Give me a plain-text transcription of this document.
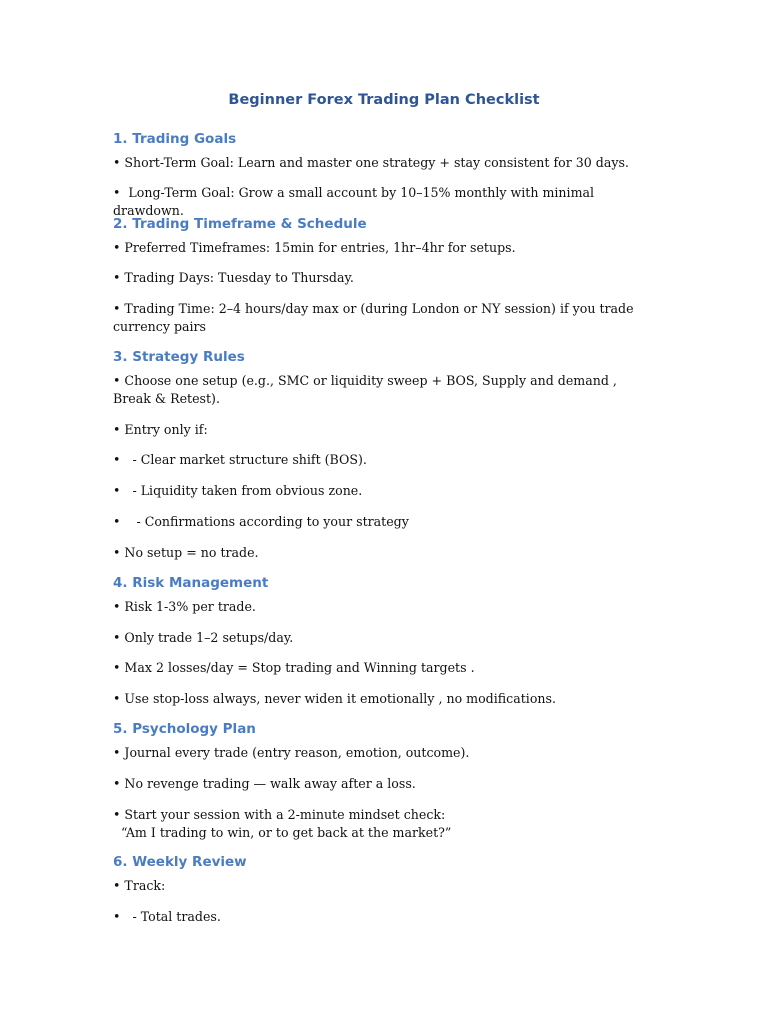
Beginner Forex Trading Plan Checklist
1. Trading Goals
• Short-Term Goal: Learn and master one strategy + stay consistent for 30 days.
•  Long-Term Goal: Grow a small account by 10–15% monthly with minimal drawdown.
2. Trading Timeframe & Schedule
• Preferred Timeframes: 15min for entries, 1hr–4hr for setups.
• Trading Days: Tuesday to Thursday.
• Trading Time: 2–4 hours/day max or (during London or NY session) if you trade currency pairs
3. Strategy Rules
• Choose one setup (e.g., SMC or liquidity sweep + BOS, Supply and demand , Break & Retest).
• Entry only if:
•   - Clear market structure shift (BOS).
•   - Liquidity taken from obvious zone.
•    - Confirmations according to your strategy
• No setup = no trade.
4. Risk Management
• Risk 1-3% per trade.
• Only trade 1–2 setups/day.
• Max 2 losses/day = Stop trading and Winning targets .
• Use stop-loss always, never widen it emotionally , no modifications.
5. Psychology Plan
• Journal every trade (entry reason, emotion, outcome).
• No revenge trading — walk away after a loss.
• Start your session with a 2-minute mindset check:
“Am I trading to win, or to get back at the market?”
6. Weekly Review
• Track:
•   - Total trades.
